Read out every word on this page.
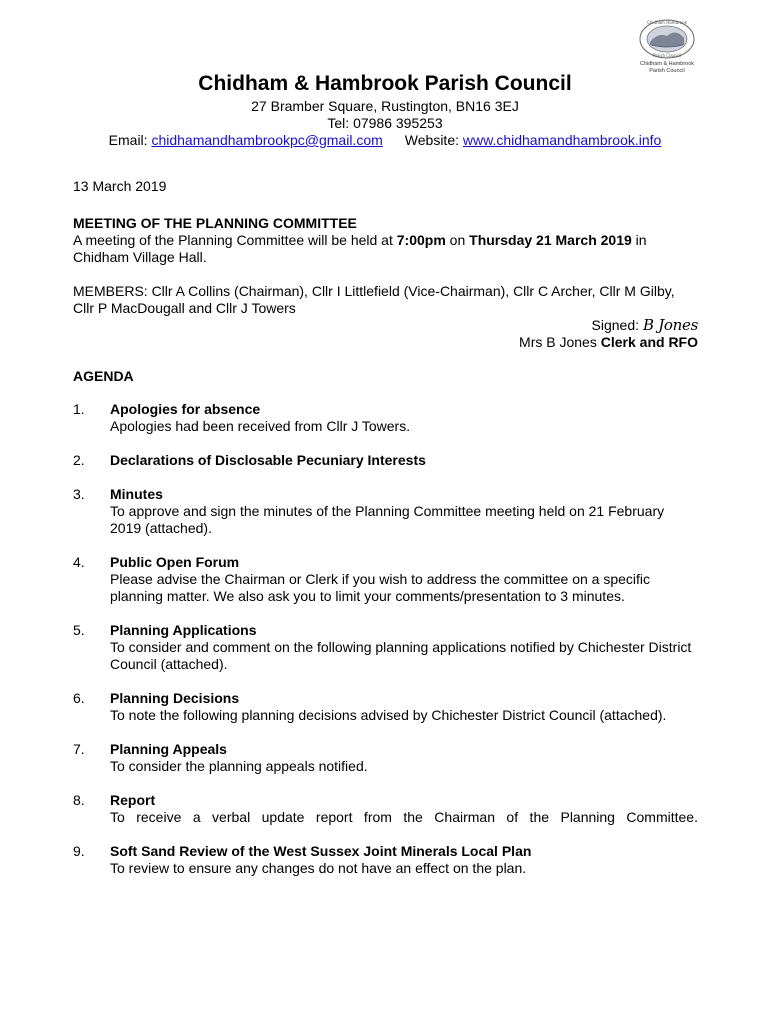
Chidham Hambrook
Parish Council
Chidham & Hambrook
Parish Council
Chidham & Hambrook Parish Council
27 Bramber Square, Rustington, BN16 3EJ
Tel: 07986 395253
Email: chidhamandhambrookpc@gmail.com Website: www.chidhamandhambrook.info
13 March 2019
MEETING OF THE PLANNING COMMITTEE
A meeting of the Planning Committee will be held at 7:00pm on Thursday 21 March 2019 in Chidham Village Hall.
MEMBERS: Cllr A Collins (Chairman), Cllr I Littlefield (Vice-Chairman), Cllr C Archer, Cllr M Gilby, Cllr P MacDougall and Cllr J Towers
Signed: B Jones
Mrs B Jones Clerk and RFO
AGENDA
1.	Apologies for absence
Apologies had been received from Cllr J Towers.
2.	Declarations of Disclosable Pecuniary Interests
3.	Minutes
To approve and sign the minutes of the Planning Committee meeting held on 21 February 2019 (attached).
4.	Public Open Forum
Please advise the Chairman or Clerk if you wish to address the committee on a specific planning matter. We also ask you to limit your comments/presentation to 3 minutes.
5.	Planning Applications
To consider and comment on the following planning applications notified by Chichester District Council (attached).
6.	Planning Decisions
To note the following planning decisions advised by Chichester District Council (attached).
7.	Planning Appeals
To consider the planning appeals notified.
8.	Report
To receive a verbal update report from the Chairman of the Planning Committee.
9.	Soft Sand Review of the West Sussex Joint Minerals Local Plan
To review to ensure any changes do not have an effect on the plan.
